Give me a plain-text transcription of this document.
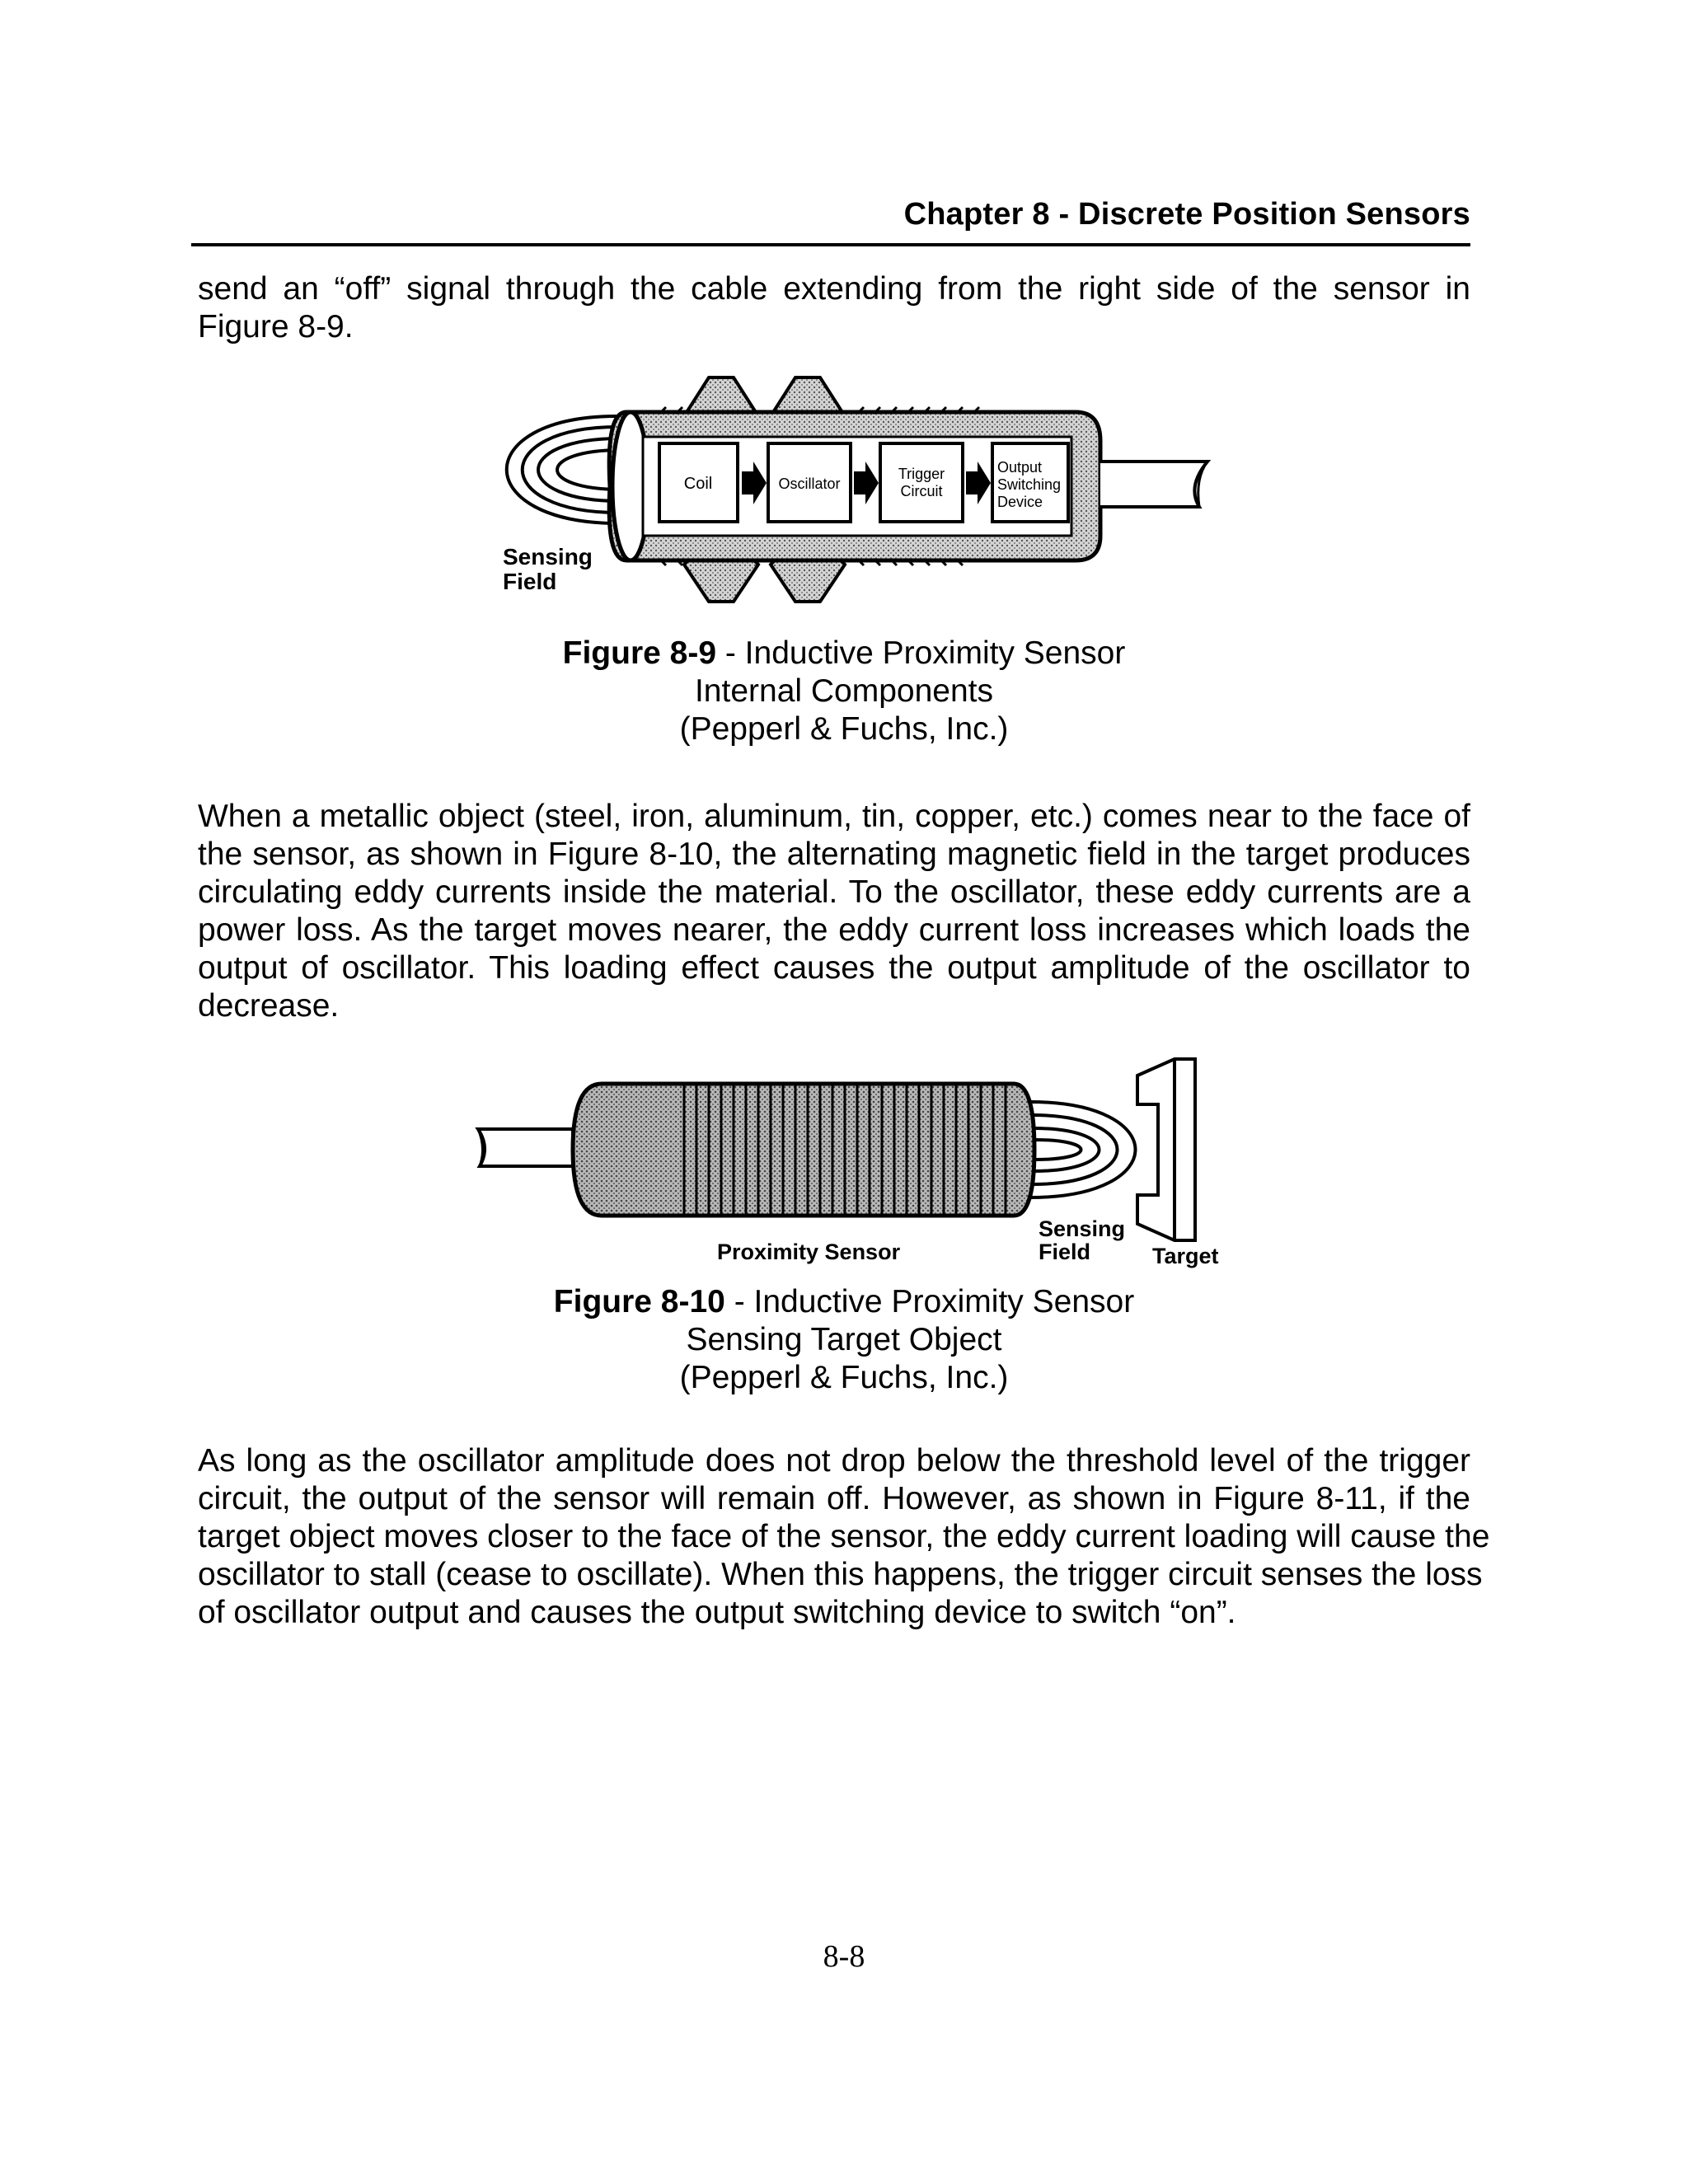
Chapter 8 - Discrete Position Sensors
send an “off” signal through the cable extending from the right side of the sensor in
Figure 8-9.
Coil	Oscillator
Trigger
Circuit
Output
Switching
Device
Sensing
Field
Figure 8-9 - Inductive Proximity Sensor
Internal Components
(Pepperl & Fuchs, Inc.)
When a metallic object (steel, iron, aluminum, tin, copper, etc.) comes near to the face of
the sensor, as shown in Figure 8-10, the alternating magnetic field in the target produces
circulating eddy currents inside the material. To the oscillator, these eddy currents are a
power loss. As the target moves nearer, the eddy current loss increases which loads the
output of oscillator. This loading effect causes the output amplitude of the oscillator to
decrease.
Proximity Sensor
Sensing
Field	Target
Figure 8-10 - Inductive Proximity Sensor
Sensing Target Object
(Pepperl & Fuchs, Inc.)
As long as the oscillator amplitude does not drop below the threshold level of the trigger
circuit, the output of the sensor will remain off. However, as shown in Figure 8-11, if the
target object moves closer to the face of the sensor, the eddy current loading will cause the
oscillator to stall (cease to oscillate). When this happens, the trigger circuit senses the loss
of oscillator output and causes the output switching device to switch “on”.
8-8
